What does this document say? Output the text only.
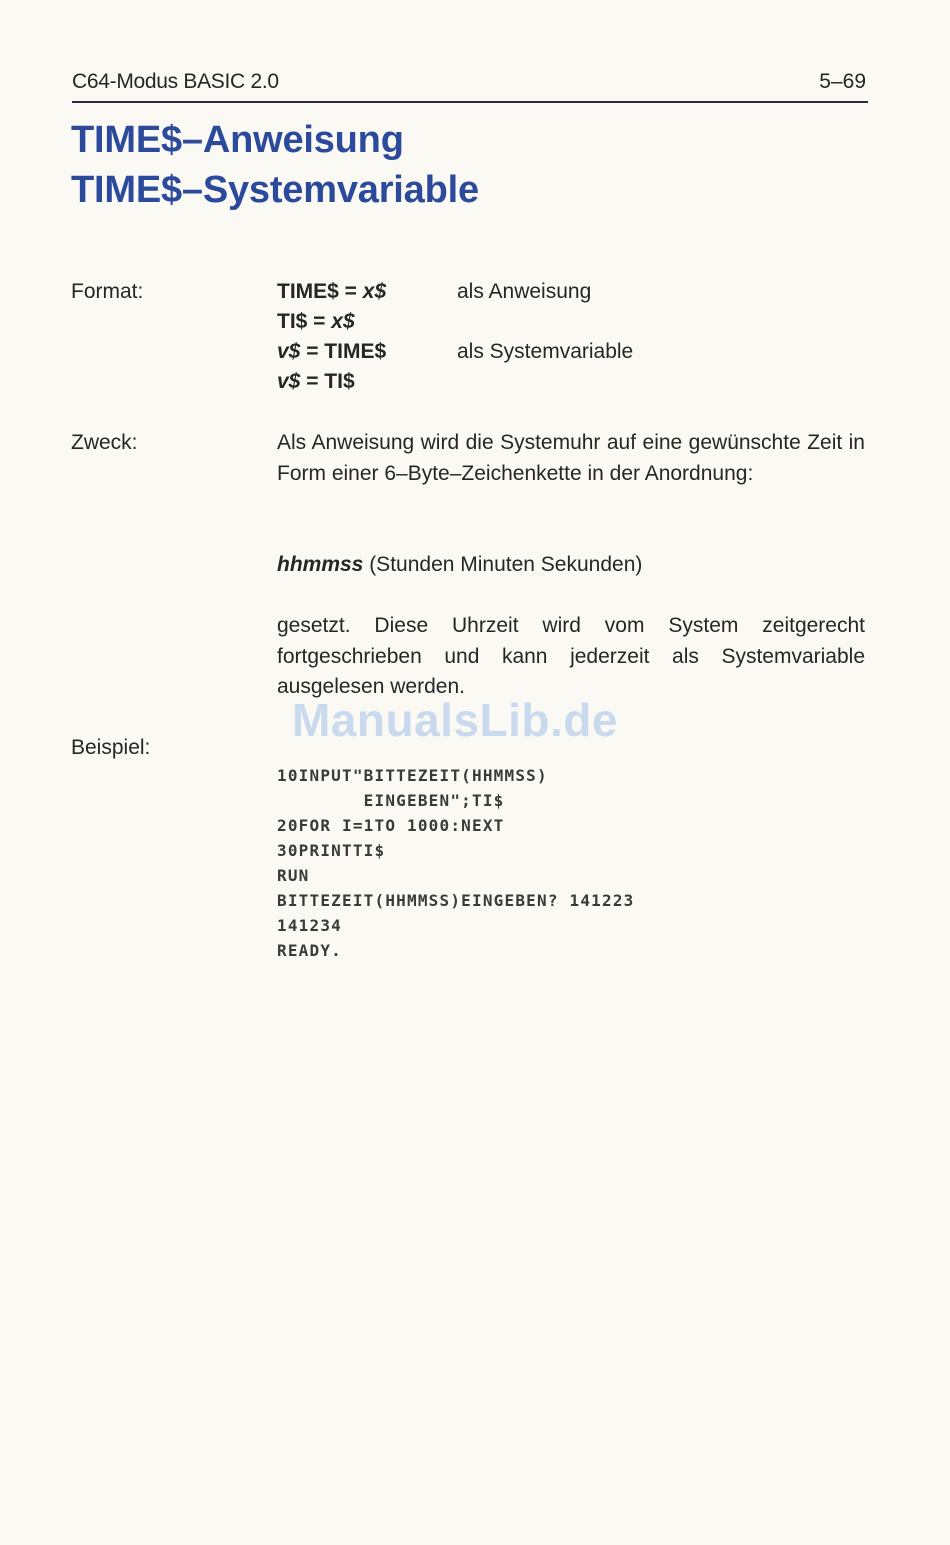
C64-Modus BASIC 2.0	5–69
TIME$–Anweisung
TIME$–Systemvariable
Format:	TIME$ = x$	als Anweisung
TI$ = x$
v$ = TIME$	als Systemvariable
v$ = TI$
Zweck:	Als Anweisung wird die Systemuhr auf eine gewünschte Zeit in Form einer 6–Byte–Zeichenkette in der Anordnung:
hhmmss (Stunden Minuten Sekunden)
gesetzt. Diese Uhrzeit wird vom System zeitgerecht fortgeschrieben und kann jederzeit als Systemvariable ausgelesen werden.
ManualsLib.de
Beispiel:

10INPUT"BITTEZEIT(HHMMSS)
EINGEBEN";TI$
20FOR I=1TO 1000:NEXT
30PRINTTI$
RUN
BITTEZEIT(HHMMSS)EINGEBEN? 141223
141234
READY.
